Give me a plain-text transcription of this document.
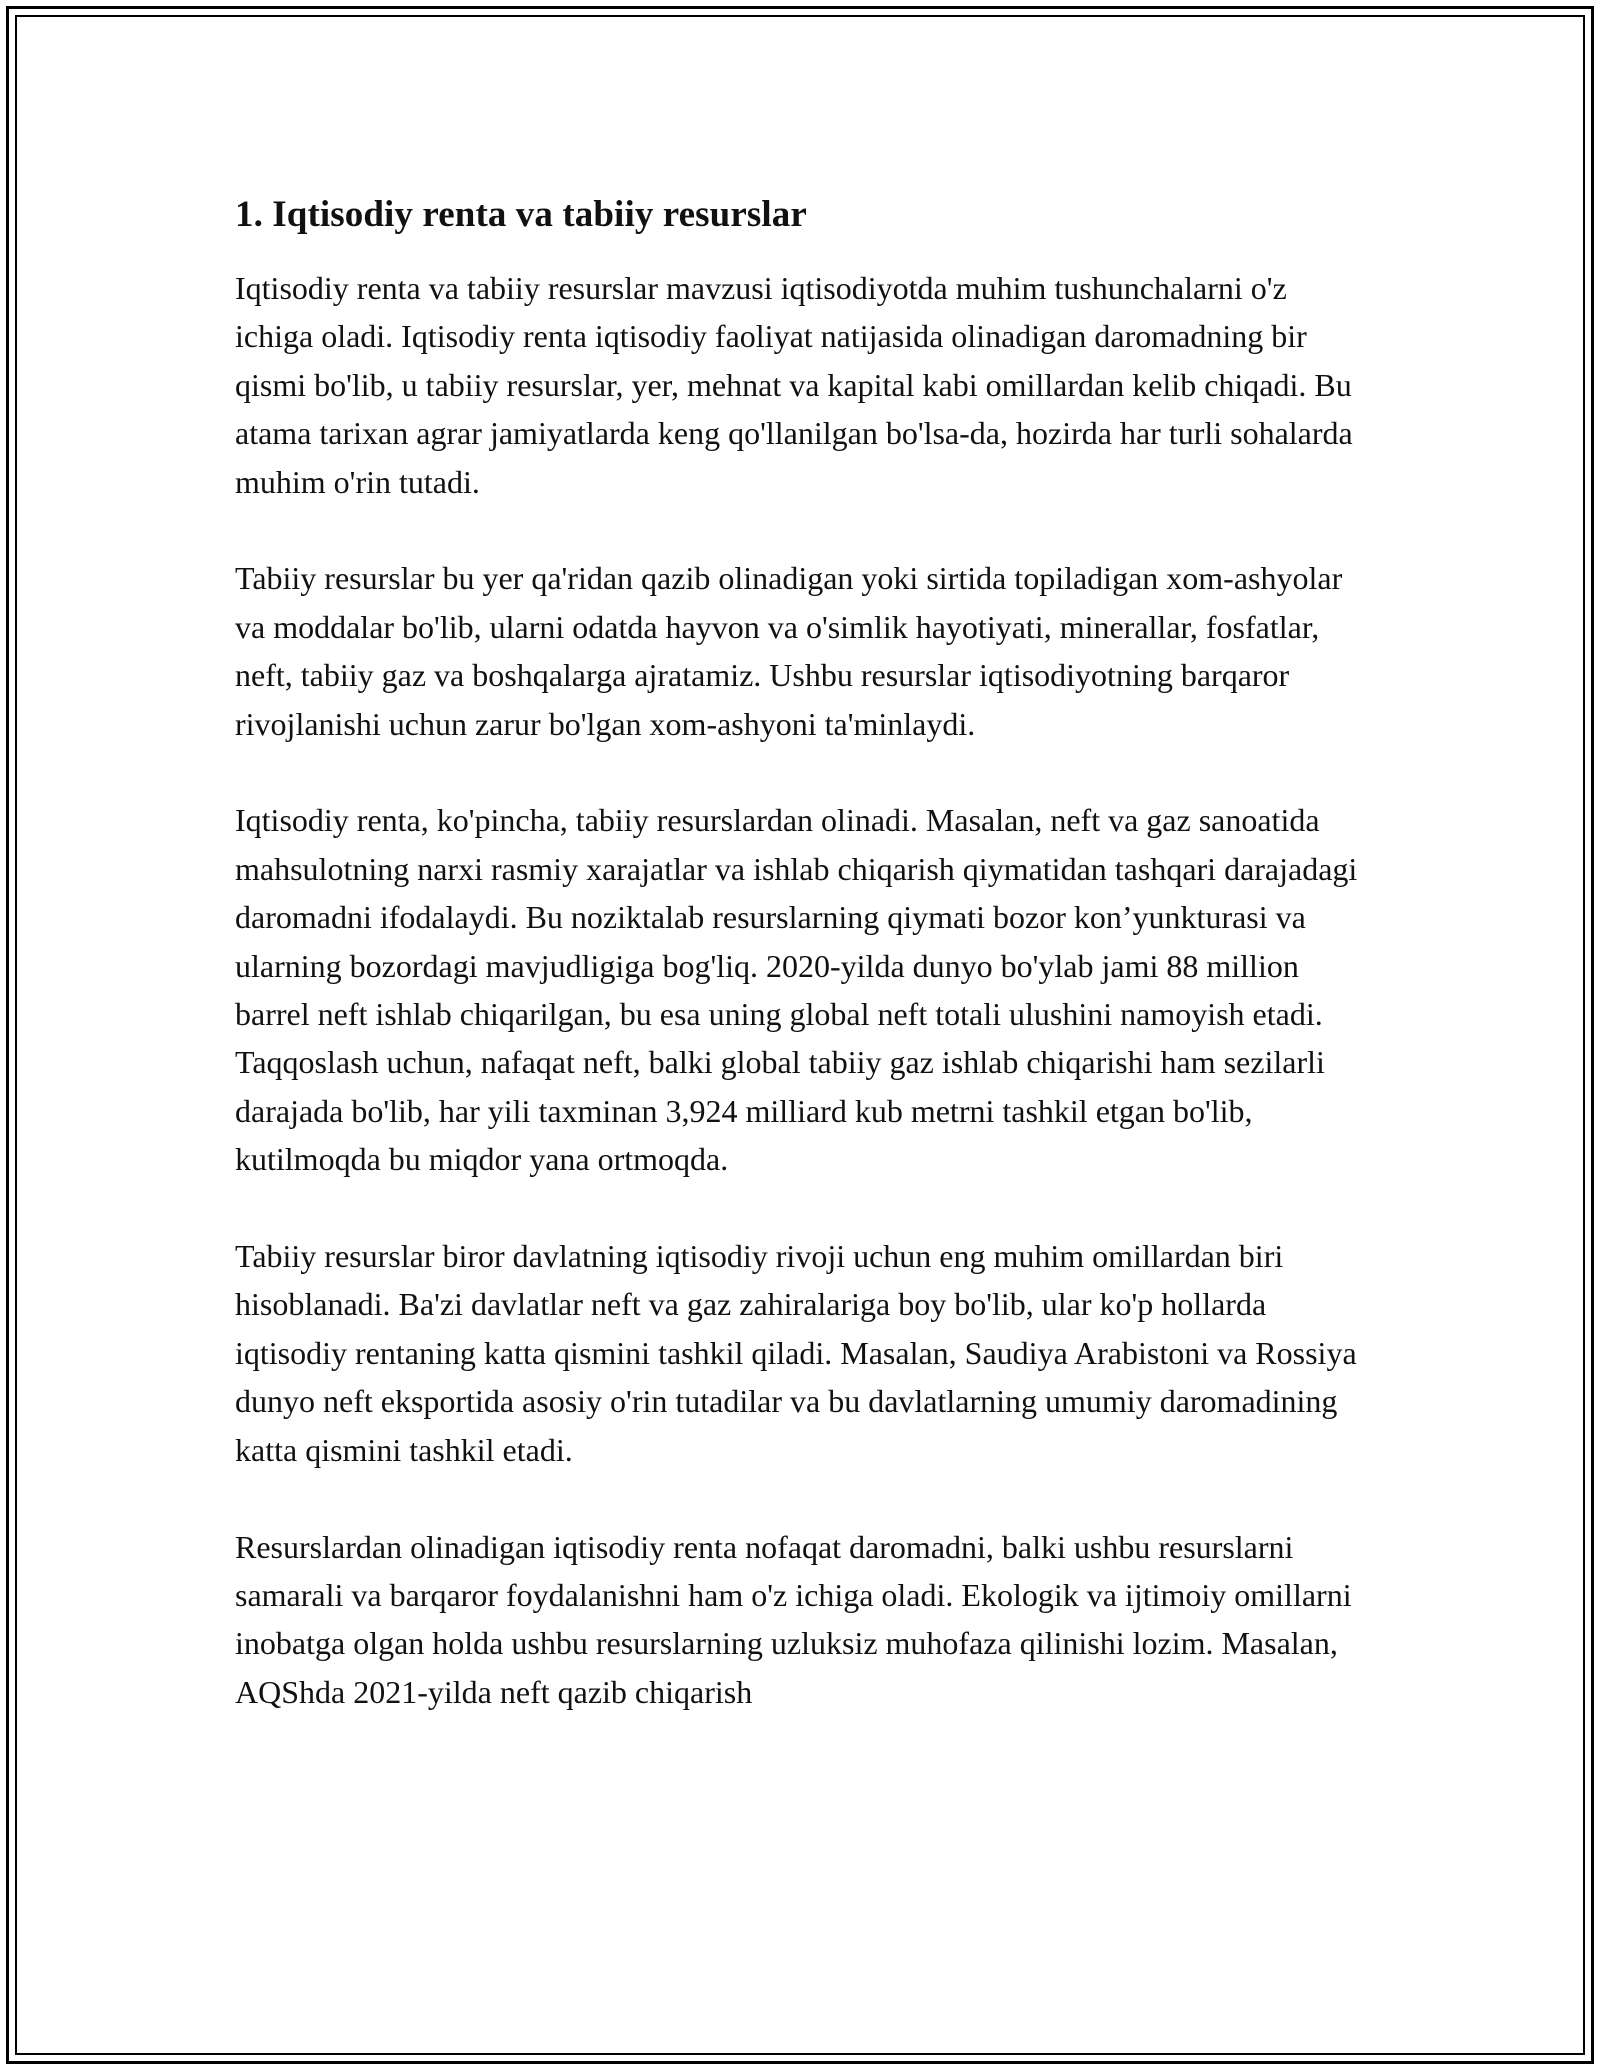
1. Iqtisodiy renta va tabiiy resurslar

Iqtisodiy renta va tabiiy resurslar mavzusi iqtisodiyotda muhim tushunchalarni o'z ichiga oladi. Iqtisodiy renta iqtisodiy faoliyat natijasida olinadigan daromadning bir qismi bo'lib, u tabiiy resurslar, yer, mehnat va kapital kabi omillardan kelib chiqadi. Bu atama tarixan agrar jamiyatlarda keng qo'llanilgan bo'lsa-da, hozirda har turli sohalarda muhim o'rin tutadi.

Tabiiy resurslar bu yer qa'ridan qazib olinadigan yoki sirtida topiladigan xom-ashyolar va moddalar bo'lib, ularni odatda hayvon va o'simlik hayotiyati, minerallar, fosfatlar, neft, tabiiy gaz va boshqalarga ajratamiz. Ushbu resurslar iqtisodiyotning barqaror rivojlanishi uchun zarur bo'lgan xom-ashyoni ta'minlaydi.

Iqtisodiy renta, ko'pincha, tabiiy resurslardan olinadi. Masalan, neft va gaz sanoatida mahsulotning narxi rasmiy xarajatlar va ishlab chiqarish qiymatidan tashqari darajadagi daromadni ifodalaydi. Bu noziktalab resurslarning qiymati bozor kon’yunkturasi va ularning bozordagi mavjudligiga bog'liq. 2020-yilda dunyo bo'ylab jami 88 million barrel neft ishlab chiqarilgan, bu esa uning global neft totali ulushini namoyish etadi. Taqqoslash uchun, nafaqat neft, balki global tabiiy gaz ishlab chiqarishi ham sezilarli darajada bo'lib, har yili taxminan 3,924 milliard kub metrni tashkil etgan bo'lib, kutilmoqda bu miqdor yana ortmoqda.

Tabiiy resurslar biror davlatning iqtisodiy rivoji uchun eng muhim omillardan biri hisoblanadi. Ba'zi davlatlar neft va gaz zahiralariga boy bo'lib, ular ko'p hollarda iqtisodiy rentaning katta qismini tashkil qiladi. Masalan, Saudiya Arabistoni va Rossiya dunyo neft eksportida asosiy o'rin tutadilar va bu davlatlarning umumiy daromadining katta qismini tashkil etadi.

Resurslardan olinadigan iqtisodiy renta nofaqat daromadni, balki ushbu resurslarni samarali va barqaror foydalanishni ham o'z ichiga oladi. Ekologik va ijtimoiy omillarni inobatga olgan holda ushbu resurslarning uzluksiz muhofaza qilinishi lozim. Masalan, AQShda 2021-yilda neft qazib chiqarish
